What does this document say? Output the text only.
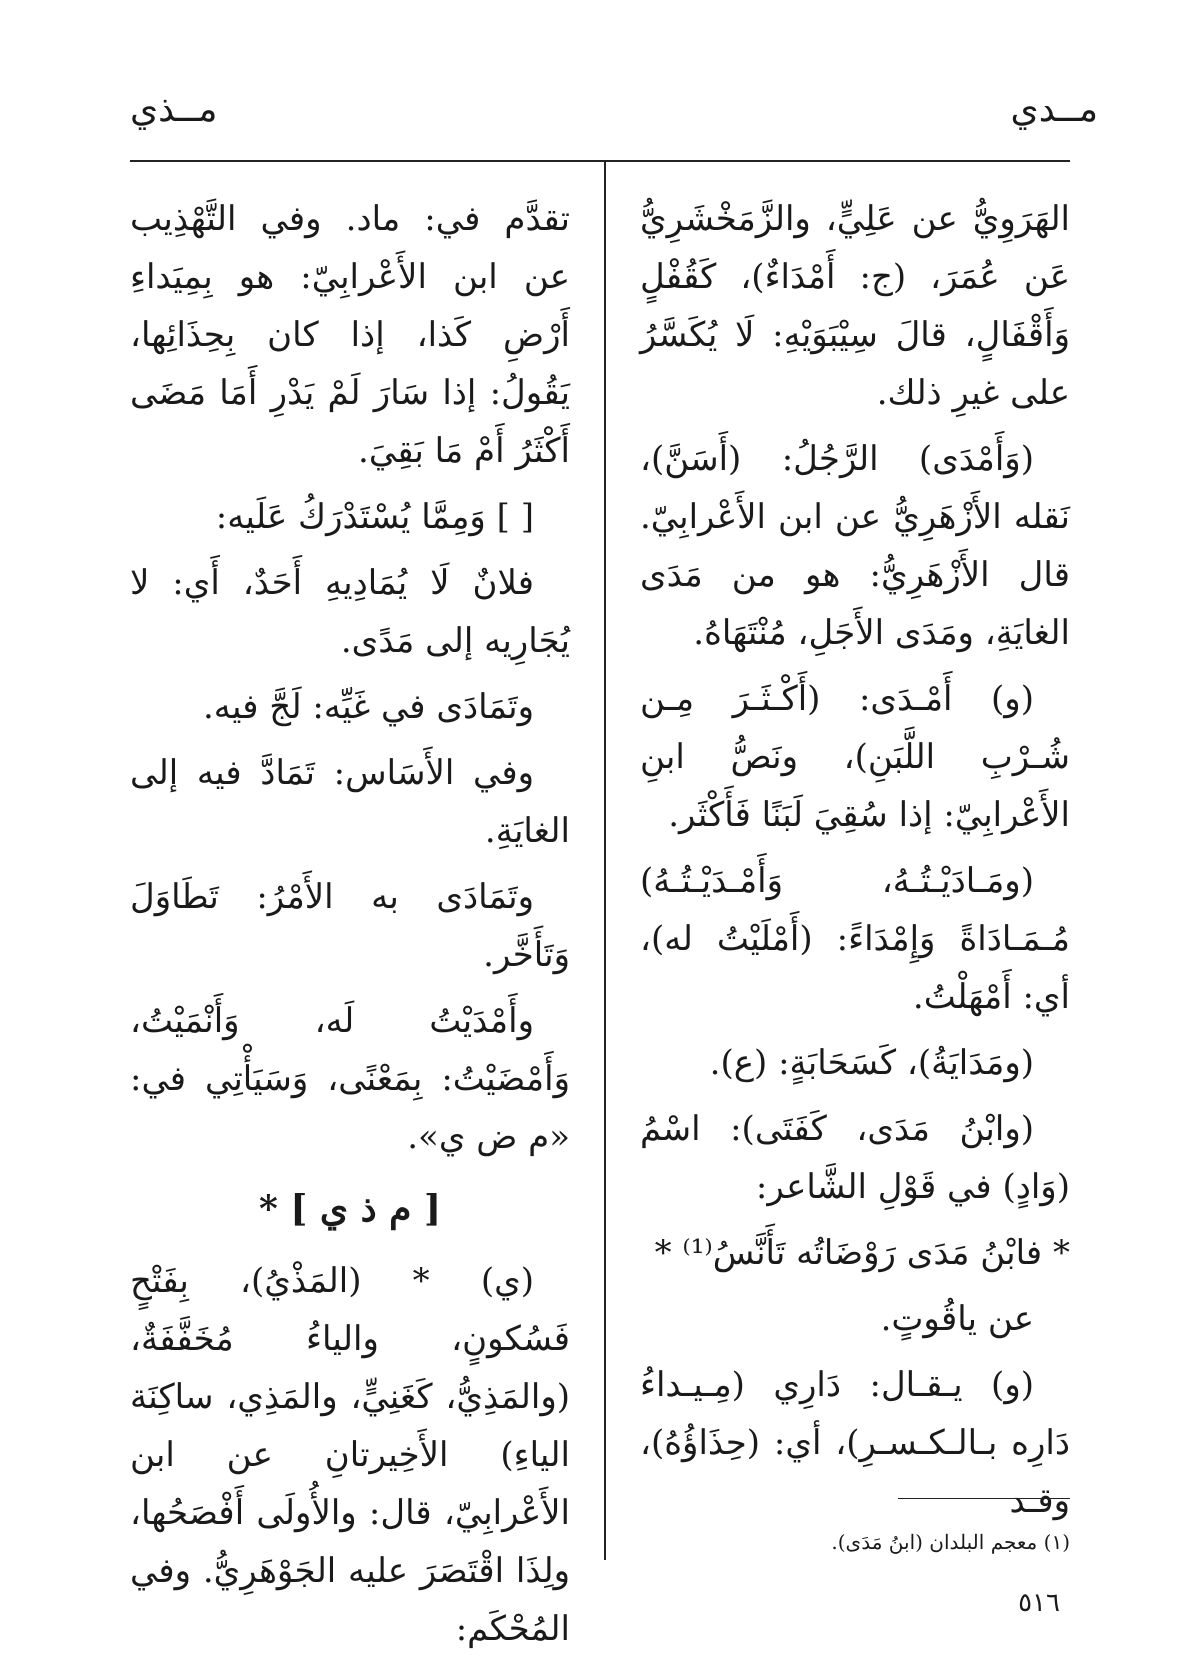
مــدي
مــذي

الهَرَوِيُّ عن عَلِيٍّ، والزَّمَخْشَرِيُّ عَن عُمَرَ، (ج: أَمْدَاءٌ)، كَقُفْلٍ وَأَقْفَالٍ، قالَ سِيْبَوَيْهِ: لَا يُكَسَّرُ على غيرِ ذلك.

(وَأَمْدَى) الرَّجُلُ: (أَسَنَّ)، نَقله الأَزْهَرِيُّ عن ابن الأَعْرابِيّ. قال الأَزْهَرِيُّ: هو من مَدَى الغايَةِ، ومَدَى الأَجَلِ، مُنْتَهَاهُ.

(و) أَمْـدَى: (أَكْـثَـرَ مِـن شُـرْبِ اللَّبَنِ)، ونَصُّ ابنِ الأَعْرابِيّ: إذا سُقِيَ لَبَنًا فَأَكْثَر.

(ومَـادَيْـتُـهُ، وَأَمْـدَيْـتُـهُ) مُـمَـادَاةً وَإِمْدَاءً: (أَمْلَيْتُ له)، أي: أَمْهَلْتُ.

(ومَدَايَةُ)، كَسَحَابَةٍ: (ع).

(وابْنُ مَدَى، كَفَتَى): اسْمُ (وَادٍ) في قَوْلِ الشَّاعر:

* فابْنُ مَدَى رَوْضَاتُه تَأَنَّسُ⁽¹⁾ *

عن ياقُوتٍ.

(و) يـقـال: دَارِي (مِـيـداءُ دَارِه بـالـكـسـرِ)، أي: (حِذَاؤُهُ)، وقـد

تقدَّم في: ماد. وفي التَّهْذِيب عن ابن الأَعْرابِيّ: هو بِمِيَداءِ أَرْضِ كَذا، إذا كان بِحِذَائِها، يَقُولُ: إذا سَارَ لَمْ يَدْرِ أَمَا مَضَى أَكْثَرُ أَمْ مَا بَقِيَ.

[ ] وَمِمَّا يُسْتَدْرَكُ عَلَيه:

فلانٌ لَا يُمَادِيهِ أَحَدٌ، أَي: لا يُجَارِيه إلى مَدًى.

وتَمَادَى في غَيِّه: لَجَّ فيه.

وفي الأَسَاس: تَمَادَّ فيه إلى الغايَةِ.

وتَمَادَى به الأَمْرُ: تَطَاوَلَ وَتَأَخَّر.

وأَمْدَيْتُ لَه، وَأَنْمَيْتُ، وَأَمْضَيْتُ: بِمَعْنًى، وَسَيَأْتِي في: «م ض ي».

[ م ذ ي ] *

(ي) * (المَذْيُ)، بِفَتْحٍ فَسُكونٍ، والياءُ مُخَفَّفَةٌ، (والمَذِيُّ، كَغَنِيٍّ، والمَذِي، ساكِنَة الياءِ) الأَخِيرتانِ عن ابن الأَعْرابِيّ، قال: والأُولَى أَفْصَحُها، ولِذَا اقْتَصَرَ عليه الجَوْهَرِيُّ. وفي المُحْكَم:

(١) معجم البلدان (ابنُ مَدَى).
٥١٦
